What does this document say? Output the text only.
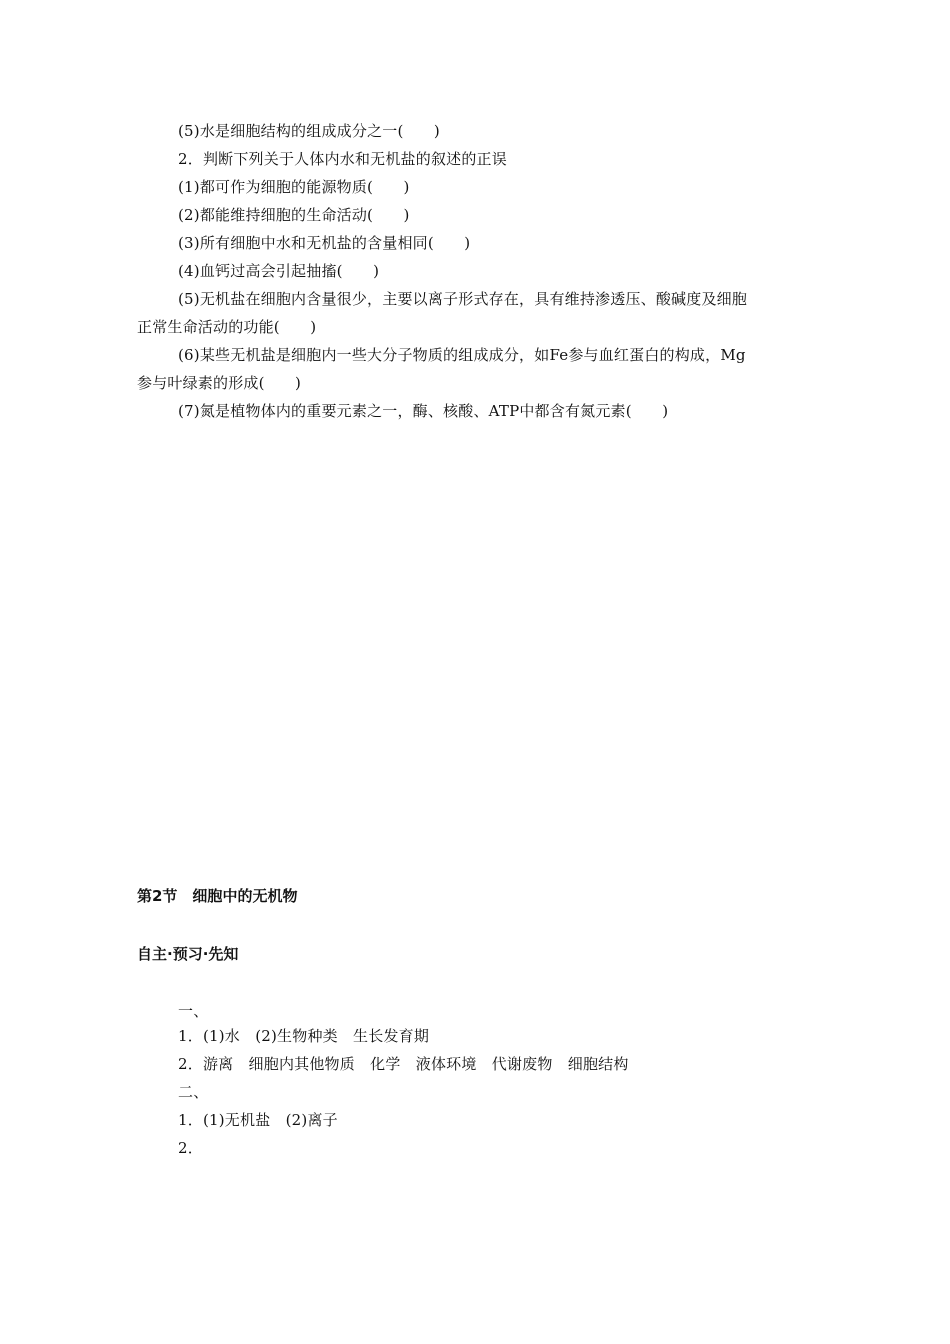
(5)水是细胞结构的组成成分之一(　　)
2．判断下列关于人体内水和无机盐的叙述的正误
(1)都可作为细胞的能源物质(　　)
(2)都能维持细胞的生命活动(　　)
(3)所有细胞中水和无机盐的含量相同(　　)
(4)血钙过高会引起抽搐(　　)
(5)无机盐在细胞内含量很少，主要以离子形式存在，具有维持渗透压、酸碱度及细胞
正常生命活动的功能(　　)
(6)某些无机盐是细胞内一些大分子物质的组成成分，如Fe参与血红蛋白的构成，Mg
参与叶绿素的形成(　　)
(7)氮是植物体内的重要元素之一，酶、核酸、ATP中都含有氮元素(　　)
第2节　细胞中的无机物
自主·预习·先知
一、
1．(1)水　(2)生物种类　生长发育期
2．游离　细胞内其他物质　化学　液体环境　代谢废物　细胞结构
二、
1．(1)无机盐　(2)离子
2．
